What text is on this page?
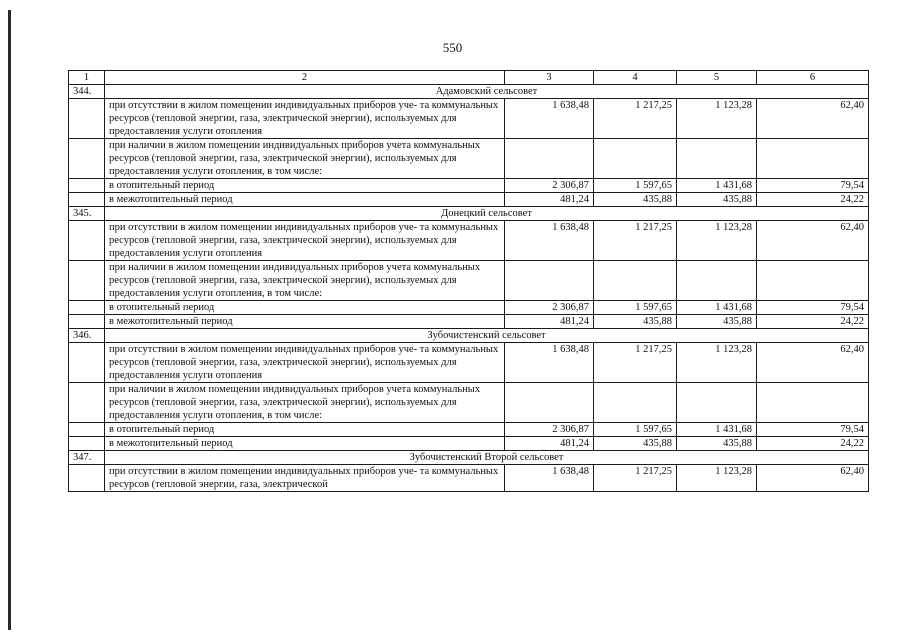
550
1	2	3	4	5	6
344.	Адамовский сельсовет				
	при отсутствии в жилом помещении индивидуальных приборов уче- та коммунальных ресурсов (тепловой энергии, газа, электрической энергии), используемых для предоставления услуги отопления	1 638,48	1 217,25	1 123,28	62,40
	при наличии в жилом помещении индивидуальных приборов учета коммунальных ресурсов (тепловой энергии, газа, электрической энергии), используемых для предоставления услуги отопления, в том числе:				
	в отопительный период	2 306,87	1 597,65	1 431,68	79,54
	в межотопительный период	481,24	435,88	435,88	24,22
345.	Донецкий сельсовет				
	при отсутствии в жилом помещении индивидуальных приборов уче- та коммунальных ресурсов (тепловой энергии, газа, электрической энергии), используемых для предоставления услуги отопления	1 638,48	1 217,25	1 123,28	62,40
	при наличии в жилом помещении индивидуальных приборов учета коммунальных ресурсов (тепловой энергии, газа, электрической энергии), используемых для предоставления услуги отопления, в том числе:				
	в отопительный период	2 306,87	1 597,65	1 431,68	79,54
	в межотопительный период	481,24	435,88	435,88	24,22
346.	Зубочистенский сельсовет				
	при отсутствии в жилом помещении индивидуальных приборов уче- та коммунальных ресурсов (тепловой энергии, газа, электрической энергии), используемых для предоставления услуги отопления	1 638,48	1 217,25	1 123,28	62,40
	при наличии в жилом помещении индивидуальных приборов учета коммунальных ресурсов (тепловой энергии, газа, электрической энергии), используемых для предоставления услуги отопления, в том числе:				
	в отопительный период	2 306,87	1 597,65	1 431,68	79,54
	в межотопительный период	481,24	435,88	435,88	24,22
347.	Зубочистенский Второй сельсовет				
	при отсутствии в жилом помещении индивидуальных приборов уче- та коммунальных ресурсов (тепловой энергии, газа, электрической	1 638,48	1 217,25	1 123,28	62,40
